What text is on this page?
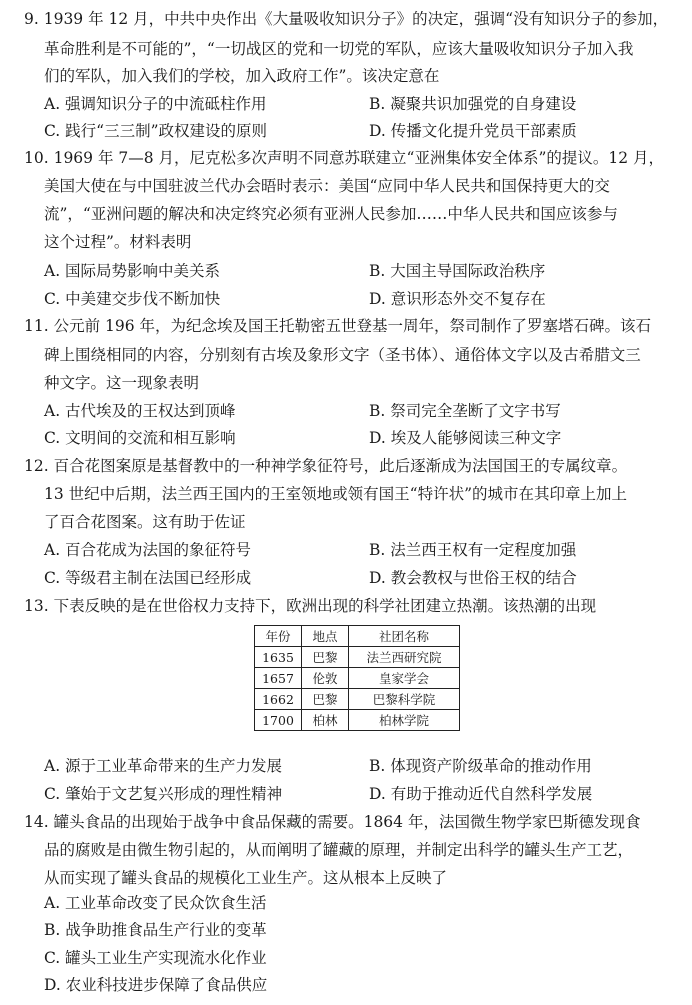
9. 1939 年 12 月，中共中央作出《大量吸收知识分子》的决定，强调“没有知识分子的参加，
革命胜利是不可能的”，“一切战区的党和一切党的军队，应该大量吸收知识分子加入我
们的军队，加入我们的学校，加入政府工作”。该决定意在
A. 强调知识分子的中流砥柱作用	B. 凝聚共识加强党的自身建设
C. 践行“三三制”政权建设的原则	D. 传播文化提升党员干部素质
10. 1969 年 7—8 月，尼克松多次声明不同意苏联建立“亚洲集体安全体系”的提议。12 月，
美国大使在与中国驻波兰代办会晤时表示：美国“应同中华人民共和国保持更大的交
流”，“亚洲问题的解决和决定终究必须有亚洲人民参加……中华人民共和国应该参与
这个过程”。材料表明
A. 国际局势影响中美关系	B. 大国主导国际政治秩序
C. 中美建交步伐不断加快	D. 意识形态外交不复存在
11. 公元前 196 年，为纪念埃及国王托勒密五世登基一周年，祭司制作了罗塞塔石碑。该石
碑上围绕相同的内容，分别刻有古埃及象形文字（圣书体）、通俗体文字以及古希腊文三
种文字。这一现象表明
A. 古代埃及的王权达到顶峰	B. 祭司完全垄断了文字书写
C. 文明间的交流和相互影响	D. 埃及人能够阅读三种文字
12. 百合花图案原是基督教中的一种神学象征符号，此后逐渐成为法国国王的专属纹章。
13 世纪中后期，法兰西王国内的王室领地或领有国王“特许状”的城市在其印章上加上
了百合花图案。这有助于佐证
A. 百合花成为法国的象征符号	B. 法兰西王权有一定程度加强
C. 等级君主制在法国已经形成	D. 教会教权与世俗王权的结合
13. 下表反映的是在世俗权力支持下，欧洲出现的科学社团建立热潮。该热潮的出现
年份	地点	社团名称
1635	巴黎	法兰西研究院
1657	伦敦	皇家学会
1662	巴黎	巴黎科学院
1700	柏林	柏林学院
A. 源于工业革命带来的生产力发展	B. 体现资产阶级革命的推动作用
C. 肇始于文艺复兴形成的理性精神	D. 有助于推动近代自然科学发展
14. 罐头食品的出现始于战争中食品保藏的需要。1864 年，法国微生物学家巴斯德发现食
品的腐败是由微生物引起的，从而阐明了罐藏的原理，并制定出科学的罐头生产工艺，
从而实现了罐头食品的规模化工业生产。这从根本上反映了
A. 工业革命改变了民众饮食生活
B. 战争助推食品生产行业的变革
C. 罐头工业生产实现流水化作业
D. 农业科技进步保障了食品供应
